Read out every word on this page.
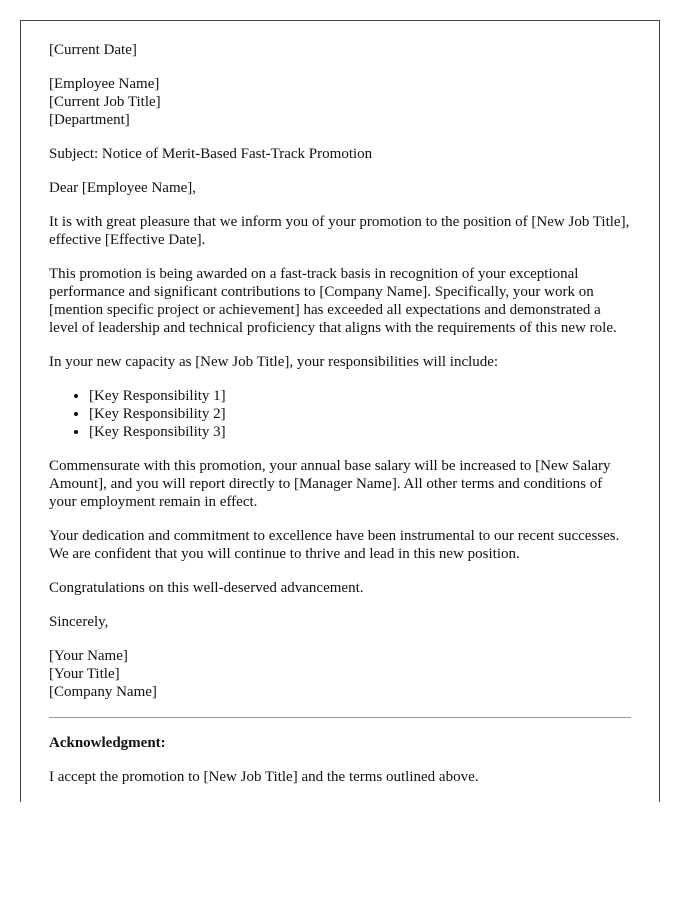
[Current Date]

[Employee Name]
[Current Job Title]
[Department]

Subject: Notice of Merit-Based Fast-Track Promotion

Dear [Employee Name],

It is with great pleasure that we inform you of your promotion to the position of [New Job Title], effective [Effective Date].

This promotion is being awarded on a fast-track basis in recognition of your exceptional performance and significant contributions to [Company Name]. Specifically, your work on [mention specific project or achievement] has exceeded all expectations and demonstrated a level of leadership and technical proficiency that aligns with the requirements of this new role.

In your new capacity as [New Job Title], your responsibilities will include:

• [Key Responsibility 1]
• [Key Responsibility 2]
• [Key Responsibility 3]

Commensurate with this promotion, your annual base salary will be increased to [New Salary Amount], and you will report directly to [Manager Name]. All other terms and conditions of your employment remain in effect.

Your dedication and commitment to excellence have been instrumental to our recent successes. We are confident that you will continue to thrive and lead in this new position.

Congratulations on this well-deserved advancement.

Sincerely,

[Your Name]
[Your Title]
[Company Name]
Acknowledgment:

I accept the promotion to [New Job Title] and the terms outlined above.
